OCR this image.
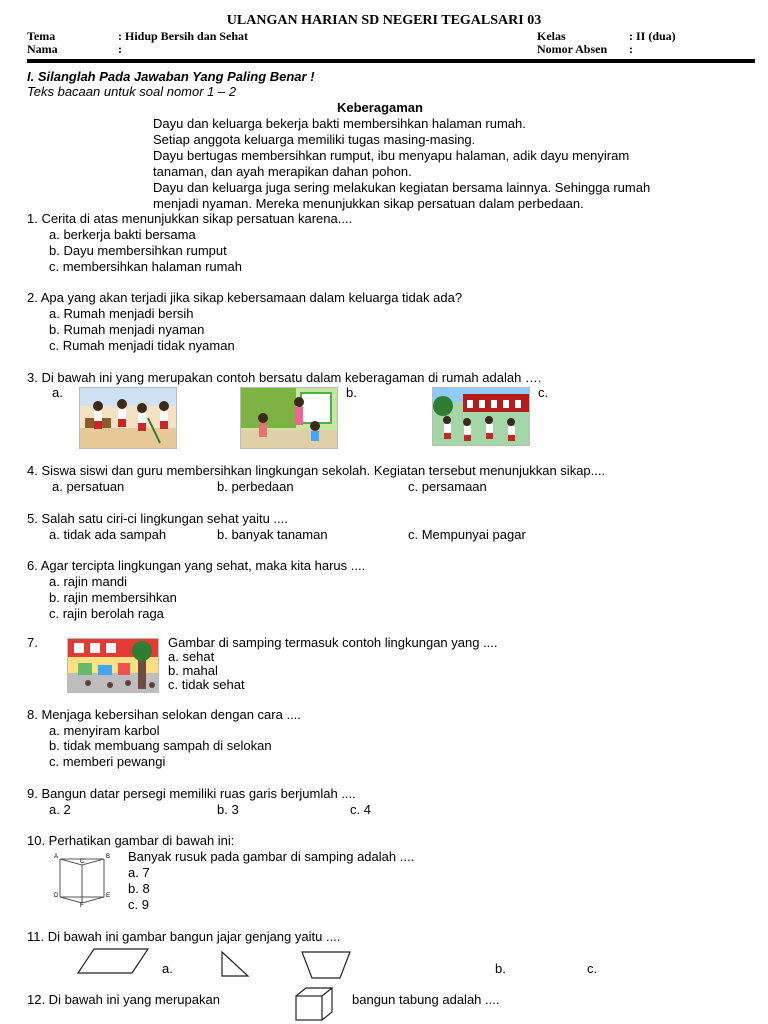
ULANGAN HARIAN SD NEGERI TEGALSARI 03
Tema	: Hidup Bersih dan Sehat
Nama	:
Kelas	: II (dua)
Nomor Absen :
I. Silanglah Pada Jawaban Yang Paling Benar !
Teks bacaan untuk soal nomor 1 – 2
Keberagaman
Dayu dan keluarga bekerja bakti membersihkan halaman rumah.
Setiap anggota keluarga memiliki tugas masing-masing.
Dayu bertugas membersihkan rumput, ibu menyapu halaman, adik dayu menyiram
tanaman, dan ayah merapikan dahan pohon.
Dayu dan keluarga juga sering melakukan kegiatan bersama lainnya. Sehingga rumah
menjadi nyaman. Mereka menunjukkan sikap persatuan dalam perbedaan.
1. Cerita di atas menunjukkan sikap persatuan karena....
a. berkerja bakti bersama
b. Dayu membersihkan rumput
c. membersihkan halaman rumah
2. Apa yang akan terjadi jika sikap kebersamaan dalam keluarga tidak ada?
a. Rumah menjadi bersih
b. Rumah menjadi nyaman
c. Rumah menjadi tidak nyaman
3. Di bawah ini yang merupakan contoh bersatu dalam keberagaman di rumah adalah ….
a.	b.	c.
4. Siswa siswi dan guru membersihkan lingkungan sekolah. Kegiatan tersebut menunjukkan sikap....
a. persatuan	b. perbedaan	c. persamaan
5. Salah satu ciri-ci lingkungan sehat yaitu ....
a. tidak ada sampah	b. banyak tanaman	c. Mempunyai pagar
6. Agar tercipta lingkungan yang sehat, maka kita harus ....
a. rajin mandi
b. rajin membersihkan
c. rajin berolah raga
7.	Gambar di samping termasuk contoh lingkungan yang ....
a. sehat
b. mahal
c. tidak sehat
8. Menjaga kebersihan selokan dengan cara ....
a. menyiram karbol
b. tidak membuang sampah di selokan
c. memberi pewangi
9. Bangun datar persegi memiliki ruas garis berjumlah ....
a. 2	b. 3	c. 4
10. Perhatikan gambar di bawah ini:
A	B
C
D	E
F
Banyak rusuk pada gambar di samping adalah ....
a. 7
b. 8
c. 9
11. Di bawah ini gambar bangun jajar genjang yaitu ....
a.	b.	c.
12. Di bawah ini yang merupakan	bangun tabung adalah ....
